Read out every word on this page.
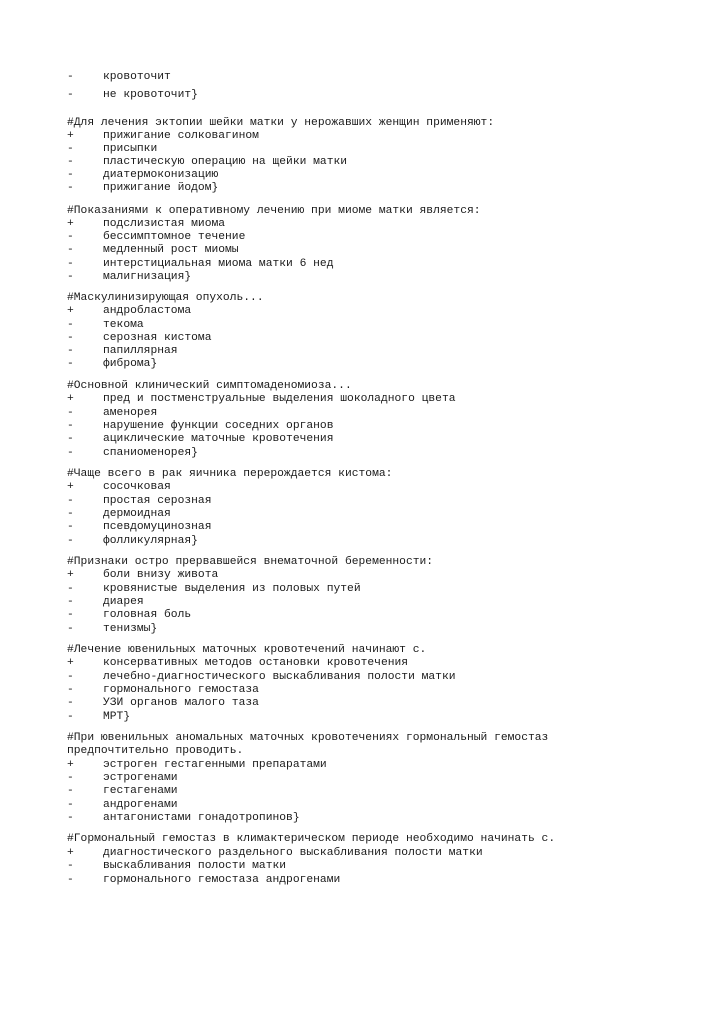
-	кровоточит
-	не кровоточит}
#Для лечения эктопии шейки матки у нерожавших женщин применяют:
+	прижигание солковагином
-	присыпки
-	пластическую операцию на щейки матки
-	диатермоконизацию
-	прижигание йодом}
#Показаниями к оперативному лечению при миоме матки является:
+	подслизистая миома
-	бессимптомное течение
-	медленный рост миомы
-	интерстициальная миома матки 6 нед
-	малигнизация}
#Маскулинизирующая опухоль...
+	андробластома
-	текома
-	серозная кистома
-	папиллярная
-	фиброма}
#Основной клинический симптомаденомиоза...
+	пред и постменструальные выделения шоколадного цвета
-	аменорея
-	нарушение функции соседних органов
-	ациклические маточные кровотечения
-	спаниоменорея}
#Чаще всего в рак яичника перерождается кистома:
+	сосочковая
-	простая серозная
-	дермоидная
-	псевдомуцинозная
-	фолликулярная}
#Признаки остро прервавшейся внематочной беременности:
+	боли внизу живота
-	кровянистые выделения из половых путей
-	диарея
-	головная боль
-	тенизмы}
#Лечение ювенильных маточных кровотечений начинают с.
+	консервативных методов остановки кровотечения
-	лечебно-диагностического выскабливания полости матки
-	гормонального гемостаза
-	УЗИ органов малого таза
-	МРТ}
#При ювенильных аномальных маточных кровотечениях гормональный гемостаз
предпочтительно проводить.
+	эстроген гестагенными препаратами
-	эстрогенами
-	гестагенами
-	андрогенами
-	антагонистами гонадотропинов}
#Гормональный гемостаз в климактерическом периоде необходимо начинать с.
+	диагностического раздельного выскабливания полости матки
-	выскабливания полости матки
-	гормонального гемостаза андрогенами
